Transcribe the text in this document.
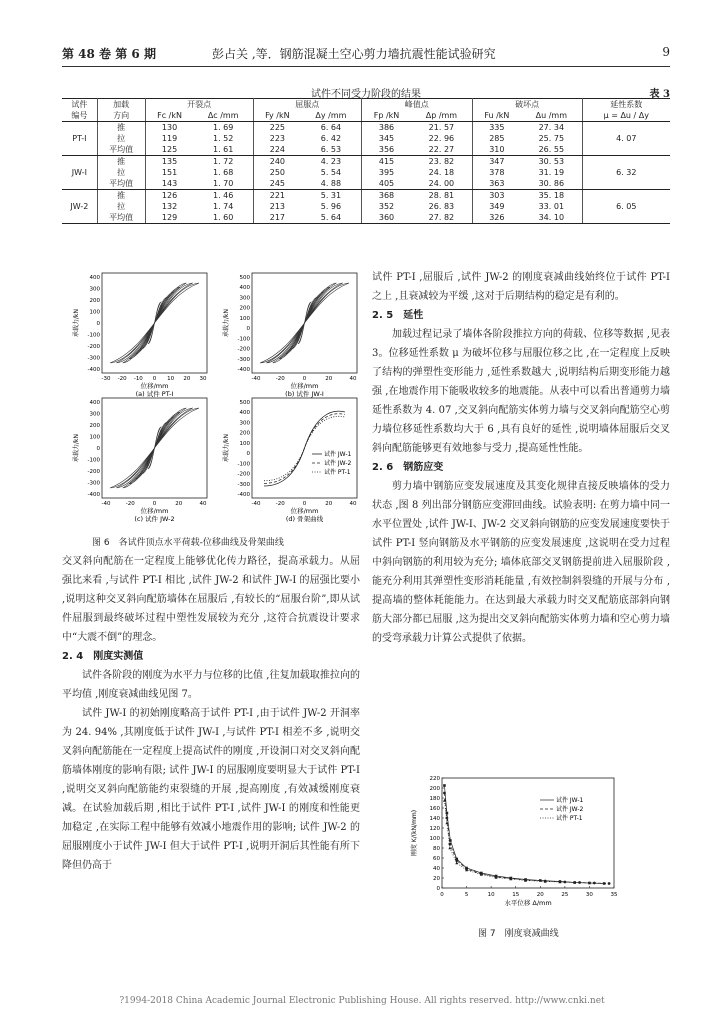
第 48 卷 第 6 期	彭占关 ,等．钢筋混凝土空心剪力墙抗震性能试验研究	9
试件不同受力阶段的结果	表 3
试件	加载	开裂点		屈服点		峰值点		破坏点		延性系数
编号	方向	Fc /kN	Δc /mm	Fy /kN	Δy /mm	Fp /kN	Δp /mm	Fu /kN	Δu /mm	μ = Δu / Δy
PT-I	推	130	1. 69	225	6. 64	386	21. 57	335	27. 34	4. 07
	拉	119	1. 52	223	6. 42	345	22. 96	285	25. 75	
	平均值	125	1. 61	224	6. 53	356	22. 27	310	26. 55	
JW-I	推	135	1. 72	240	4. 23	415	23. 82	347	30. 53	6. 32
	拉	151	1. 68	250	5. 54	395	24. 18	378	31. 19	
	平均值	143	1. 70	245	4. 88	405	24. 00	363	30. 86	
JW-2	推	126	1. 46	221	5. 31	368	28. 81	303	35. 18	6. 05
	拉	132	1. 74	213	5. 96	352	26. 83	349	33. 01	
	平均值	129	1. 60	217	5. 64	360	27. 82	326	34. 10	
400
300
200
100
0
-100
-200
-300
-400
-30 -20 -10 0 10 20 30
承载力/kN
位移/mm
(a) 试件 PT-I
500
400
300
200
100
0
-100
-200
-300
-400
-40	-20	0	20	40
承载力/kN
位移/mm
(b) 试件 JW-I
400
300
200
100
0
-100
-200
-300
-400
-40	-20	0	20	40
承载力/kN
位移/mm
(c) 试件 JW-2
500
400
300
200
100
0
-100
-200
-300
-400
-40	-20	0	20	40
承载力/kN
位移/mm
(d) 骨架曲线
试件 JW-1
试件 JW-2
试件 PT-1
图 6　各试件顶点水平荷载-位移曲线及骨架曲线

交叉斜向配筋在一定程度上能够优化传力路径，提高承载力。从屈强比来看 ,与试件 PT-I 相比 ,试件 JW-2 和试件 JW-I 的屈强比要小 ,说明这种交叉斜向配筋墙体在屈服后 ,有较长的“屈服台阶”,即从试件屈服到最终破坏过程中塑性发展较为充分 ,这符合抗震设计要求中“大震不倒”的理念。

2. 4　刚度实测值

试件各阶段的刚度为水平力与位移的比值 ,往复加载取推拉向的平均值 ,刚度衰减曲线见图 7。

试件 JW-I 的初始刚度略高于试件 PT-I ,由于试件 JW-2 开洞率为 24. 94% ,其刚度低于试件 JW-I ,与试件 PT-I 相差不多 ,说明交叉斜向配筋能在一定程度上提高试件的刚度 ,开设洞口对交叉斜向配筋墙体刚度的影响有限; 试件 JW-I 的屈服刚度要明显大于试件 PT-I ,说明交叉斜向配筋能约束裂缝的开展 ,提高刚度 ,有效减缓刚度衰减。在试验加载后期 ,相比于试件 PT-I ,试件 JW-I 的刚度和性能更加稳定 ,在实际工程中能够有效减小地震作用的影响; 试件 JW-2 的屈服刚度小于试件 JW-I 但大于试件 PT-I ,说明开洞后其性能有所下降但仍高于

试件 PT-I ,屈服后 ,试件 JW-2 的刚度衰减曲线始终位于试件 PT-I 之上 ,且衰减较为平缓 ,这对于后期结构的稳定是有利的。

2. 5　延性

加载过程记录了墙体各阶段推拉方向的荷载、位移等数据 ,见表 3。位移延性系数 μ 为破坏位移与屈服位移之比 ,在一定程度上反映了结构的弹塑性变形能力 ,延性系数越大 ,说明结构后期变形能力越强 ,在地震作用下能吸收较多的地震能。从表中可以看出普通剪力墙延性系数为 4. 07 ,交叉斜向配筋实体剪力墙与交叉斜向配筋空心剪力墙位移延性系数均大于 6 ,具有良好的延性 ,说明墙体屈服后交叉斜向配筋能够更有效地参与受力 ,提高延性性能。

2. 6　钢筋应变

剪力墙中钢筋应变发展速度及其变化规律直接反映墙体的受力状态 ,图 8 列出部分钢筋应变滞回曲线。试验表明: 在剪力墙中同一水平位置处 ,试件 JW-I、JW-2 交叉斜向钢筋的应变发展速度要快于试件 PT-I 竖向钢筋及水平钢筋的应变发展速度 ,这说明在受力过程中斜向钢筋的利用较为充分; 墙体底部交叉钢筋提前进入屈服阶段 ,能充分利用其弹塑性变形消耗能量 ,有效控制斜裂缝的开展与分布 ,提高墙的整体耗能能力。在达到最大承载力时交叉配筋底部斜向钢筋大部分都已屈服 ,这为提出交叉斜向配筋实体剪力墙和空心剪力墙的受弯承载力计算公式提供了依据。

0
20
40
60
80
100
120
140
160
180
200
220
0	5	10	15	20	25	30	35
刚度 K/(kN/mm)
水平位移 Δ/mm
试件 JW-1
试件 JW-2
试件 PT-1
图 7　刚度衰减曲线
?1994-2018 China Academic Journal Electronic Publishing House. All rights reserved. http://www.cnki.net
